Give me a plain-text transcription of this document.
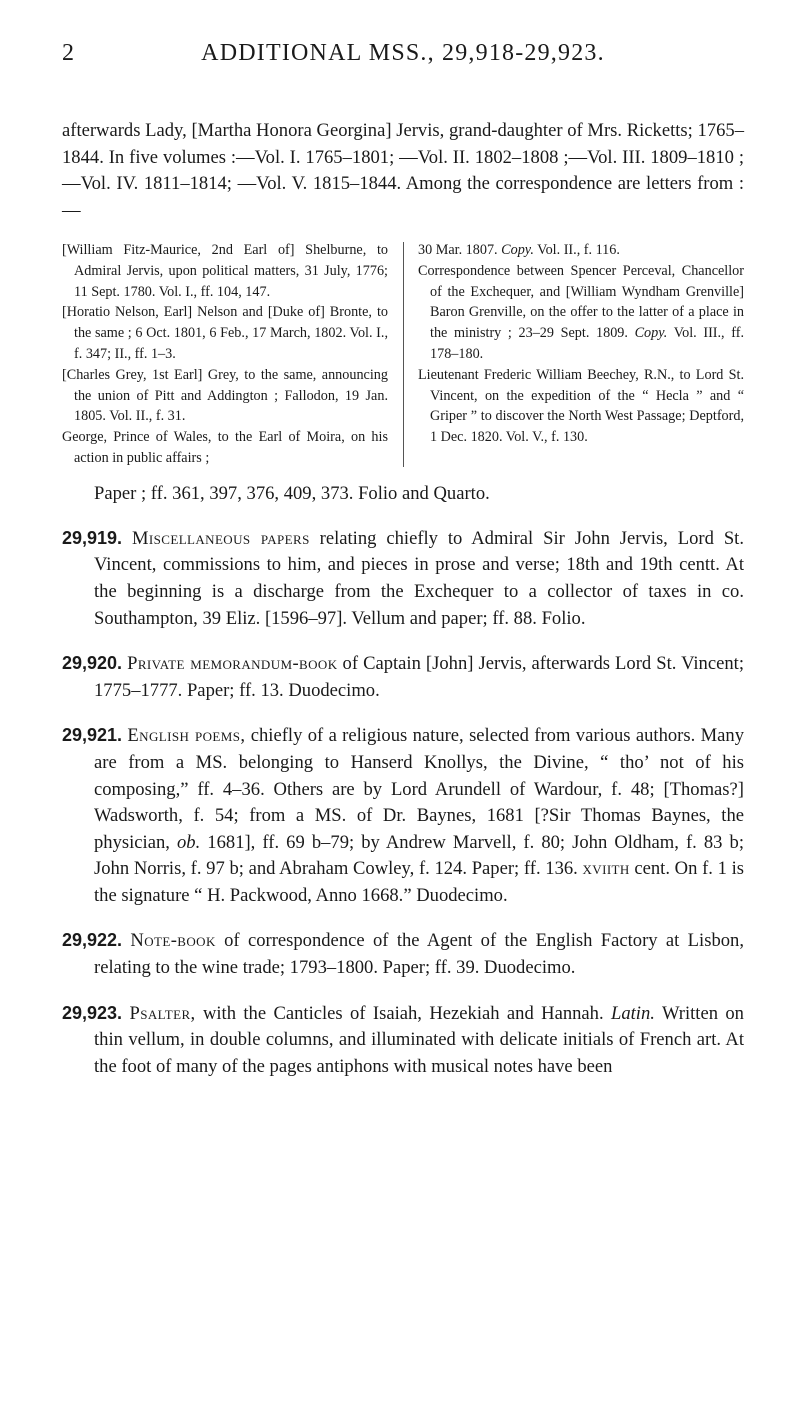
2	ADDITIONAL MSS., 29,918-29,923.

afterwards Lady, [Martha Honora Georgina] Jervis, grand-daughter of Mrs. Ricketts; 1765–1844. In five volumes :—Vol. I. 1765–1801; —Vol. II. 1802–1808 ;—Vol. III. 1809–1810 ;—Vol. IV. 1811–1814; —Vol. V. 1815–1844. Among the correspondence are letters from :—

[William Fitz-Maurice, 2nd Earl of] Shelburne, to Admiral Jervis, upon political matters, 31 July, 1776; 11 Sept. 1780. Vol. I., ff. 104, 147.

[Horatio Nelson, Earl] Nelson and [Duke of] Bronte, to the same ; 6 Oct. 1801, 6 Feb., 17 March, 1802. Vol. I., f. 347; II., ff. 1–3.

[Charles Grey, 1st Earl] Grey, to the same, announcing the union of Pitt and Addington ; Fallodon, 19 Jan. 1805. Vol. II., f. 31.

George, Prince of Wales, to the Earl of Moira, on his action in public affairs ;

30 Mar. 1807. Copy. Vol. II., f. 116.

Correspondence between Spencer Perceval, Chancellor of the Exchequer, and [William Wyndham Grenville] Baron Grenville, on the offer to the latter of a place in the ministry ; 23–29 Sept. 1809. Copy. Vol. III., ff. 178–180.

Lieutenant Frederic William Beechey, R.N., to Lord St. Vincent, on the expedition of the “ Hecla ” and “ Griper ” to discover the North West Passage; Deptford, 1 Dec. 1820. Vol. V., f. 130.

Paper ; ff. 361, 397, 376, 409, 373. Folio and Quarto.

29,919. Miscellaneous papers relating chiefly to Admiral Sir John Jervis, Lord St. Vincent, commissions to him, and pieces in prose and verse; 18th and 19th centt. At the beginning is a discharge from the Exchequer to a collector of taxes in co. Southampton, 39 Eliz. [1596–97]. Vellum and paper; ff. 88. Folio.

29,920. Private memorandum-book of Captain [John] Jervis, afterwards Lord St. Vincent; 1775–1777. Paper; ff. 13. Duodecimo.

29,921. English poems, chiefly of a religious nature, selected from various authors. Many are from a MS. belonging to Hanserd Knollys, the Divine, “ tho’ not of his composing,” ff. 4–36. Others are by Lord Arundell of Wardour, f. 48; [Thomas?] Wadsworth, f. 54; from a MS. of Dr. Baynes, 1681 [?Sir Thomas Baynes, the physician, ob. 1681], ff. 69 b–79; by Andrew Marvell, f. 80; John Oldham, f. 83 b; John Norris, f. 97 b; and Abraham Cowley, f. 124. Paper; ff. 136. xviith cent. On f. 1 is the signature “ H. Packwood, Anno 1668.” Duodecimo.

29,922. Note-book of correspondence of the Agent of the English Factory at Lisbon, relating to the wine trade; 1793–1800. Paper; ff. 39. Duodecimo.

29,923. Psalter, with the Canticles of Isaiah, Hezekiah and Hannah. Latin. Written on thin vellum, in double columns, and illuminated with delicate initials of French art. At the foot of many of the pages antiphons with musical notes have been
